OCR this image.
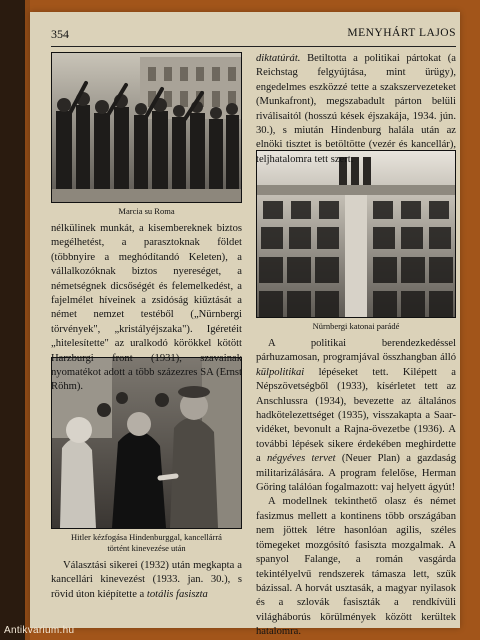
354	MENYHÁRT LAJOS
Marcia su Roma
Hitler kézfogása Hindenburggal, kancellárrá
történt kinevezése után
Nürnbergi katonai parádé

nélkülinek munkát, a kisembereknek biztos megélhetést, a parasztoknak földet (többnyire a meghódítandó Keleten), a vállalkozóknak biztos nyereséget, a németségnek dicsőségét és felemelkedést, a fajelmélet híveinek a zsidóság kiűztását a német nemzet testéből („Nürnbergi törvények", „kristályéjszaka"). Igéretéit „hitelesítette" az uralkodó körökkel kötött Harzburgi front (1931), szavainak nyomatékot adott a több százezres SA (Ernst Röhm).

Választási sikerei (1932) után megkapta a kancellári kinevezést (1933. jan. 30.), s rövid úton kiépítette a totális fasiszta

diktatúrát. Betiltotta a politikai pártokat (a Reichstag felgyújtása, mint ürügy), engedelmes eszközzé tette a szakszervezeteket (Munkafront), megszabadult párton belüli riválisaitól (hosszú kések éjszakája, 1934. jún. 30.), s miután Hindenburg halála után az elnöki tisztet is betöltötte (vezér és kancellár), teljhatalomra tett szert.

A politikai berendezkedéssel párhuzamosan, programjával összhangban álló külpolitikai lépéseket tett. Kilépett a Népszövetségből (1933), kísérletet tett az Anschlussra (1934), bevezette az általános hadkötelezettséget (1935), visszakapta a Saar-vidéket, bevonult a Rajna-övezetbe (1936). A további lépések sikere érdekében meghirdette a négyéves tervet (Neuer Plan) a gazdaság militarizálására. A program felelőse, Herman Göring találóan fogalmazott: vaj helyett ágyút!

A modellnek tekinthető olasz és német fasizmus mellett a kontinens több országában nem jöttek létre hasonlóan agilis, széles tömegeket mozgósító fasiszta mozgalmak. A spanyol Falange, a román vasgárda tekintélyelvű rendszerek támasza lett, szűk bázissal. A horvát usztasák, a magyar nyilasok és a szlovák fasiszták a rendkívüli világháborús körülmények között kerültek hatalomra.

Antikvarium.hu
